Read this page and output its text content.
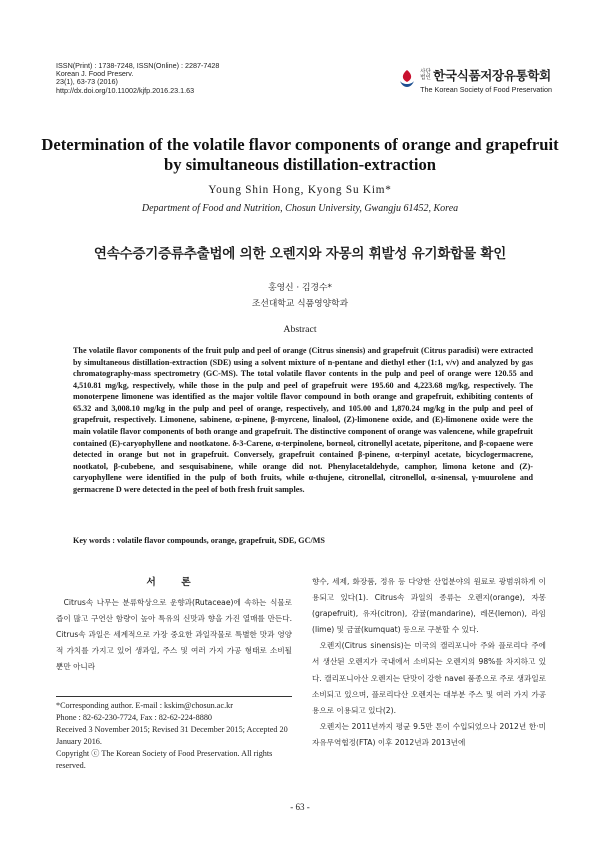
ISSN(Print) : 1738-7248, ISSN(Online) : 2287-7428
Korean J. Food Preserv.
23(1), 63-73 (2016)
http://dx.doi.org/10.11002/kjfp.2016.23.1.63
사단 법인 한국식품저장유통학회
The Korean Society of Food Preservation
Determination of the volatile flavor components of orange and grapefruit by simultaneous distillation-extraction
Young Shin Hong, Kyong Su Kim*
Department of Food and Nutrition, Chosun University, Gwangju 61452, Korea
연속수증기증류추출법에 의한 오렌지와 자몽의 휘발성 유기화합물 확인
홍영신 · 김경수*
조선대학교 식품영양학과
Abstract
The volatile flavor components of the fruit pulp and peel of orange (Citrus sinensis) and grapefruit (Citrus paradisi) were extracted by simultaneous distillation-extraction (SDE) using a solvent mixture of n-pentane and diethyl ether (1:1, v/v) and analyzed by gas chromatography-mass spectrometry (GC-MS). The total volatile flavor contents in the pulp and peel of orange were 120.55 and 4,510.81 mg/kg, respectively, while those in the pulp and peel of grapefruit were 195.60 and 4,223.68 mg/kg, respectively. The monoterpene limonene was identified as the major voltile flavor compound in both orange and grapefruit, exhibiting contents of 65.32 and 3,008.10 mg/kg in the pulp and peel of orange, respectively, and 105.00 and 1,870.24 mg/kg in the pulp and peel of grapefruit, respectively. Limonene, sabinene, α-pinene, β-myrcene, linalool, (Z)-limonene oxide, and (E)-limonene oxide were the main volatile flavor components of both orange and grapefruit. The distinctive component of orange was valencene, while grapefruit contained (E)-caryophyllene and nootkatone. δ-3-Carene, α-terpinolene, borneol, citronellyl acetate, piperitone, and β-copaene were detected in orange but not in grapefruit. Conversely, grapefruit contained β-pinene, α-terpinyl acetate, bicyclogermacrene, nootkatol, β-cubebene, and sesquisabinene, while orange did not. Phenylacetaldehyde, camphor, limona ketone and (Z)-caryophyllene were identified in the pulp of both fruits, while α-thujene, citronellal, citronellol, α-sinensal, γ-muurolene and germacrene D were detected in the peel of both fresh fruit samples.
Key words : volatile flavor compounds, orange, grapefruit, SDE, GC/MS
서 론

Citrus속 나무는 분류학상으로 운향과(Rutaceae)에 속하는 식물로 즙이 많고 구연산 함량이 높아 특유의 신맛과 향을 가진 열매를 만든다. Citrus속 과일은 세계적으로 가장 중요한 과일작물로 특별한 맛과 영양적 가치를 가지고 있어 생과일, 주스 및 여러 가지 가공 형태로 소비될 뿐만 아니라

향수, 세제, 화장품, 정유 등 다양한 산업분야의 원료로 광범위하게 이용되고 있다(1). Citrus속 과일의 종류는 오렌지(orange), 자몽(grapefruit), 유자(citron), 감귤(mandarine), 레몬(lemon), 라임(lime) 및 금귤(kumquat) 등으로 구분할 수 있다.

오렌지(Citrus sinensis)는 미국의 캘리포니아 주와 플로리다 주에서 생산된 오렌지가 국내에서 소비되는 오렌지의 98%를 차지하고 있다. 캘리포니아산 오렌지는 단맛이 강한 navel 품종으로 주로 생과일로 소비되고 있으며, 플로리다산 오렌지는 대부분 주스 및 여러 가지 가공용으로 이용되고 있다(2).

오렌지는 2011년까지 평균 9.5만 톤이 수입되었으나 2012년 한·미 자유무역협정(FTA) 이후 2012년과 2013년에

*Corresponding author. E-mail : kskim@chosun.ac.kr
Phone : 82-62-230-7724, Fax : 82-62-224-8880
Received 3 November 2015; Revised 31 December 2015; Accepted 20 January 2016.
Copyright ⓒ The Korean Society of Food Preservation. All rights reserved.
- 63 -
